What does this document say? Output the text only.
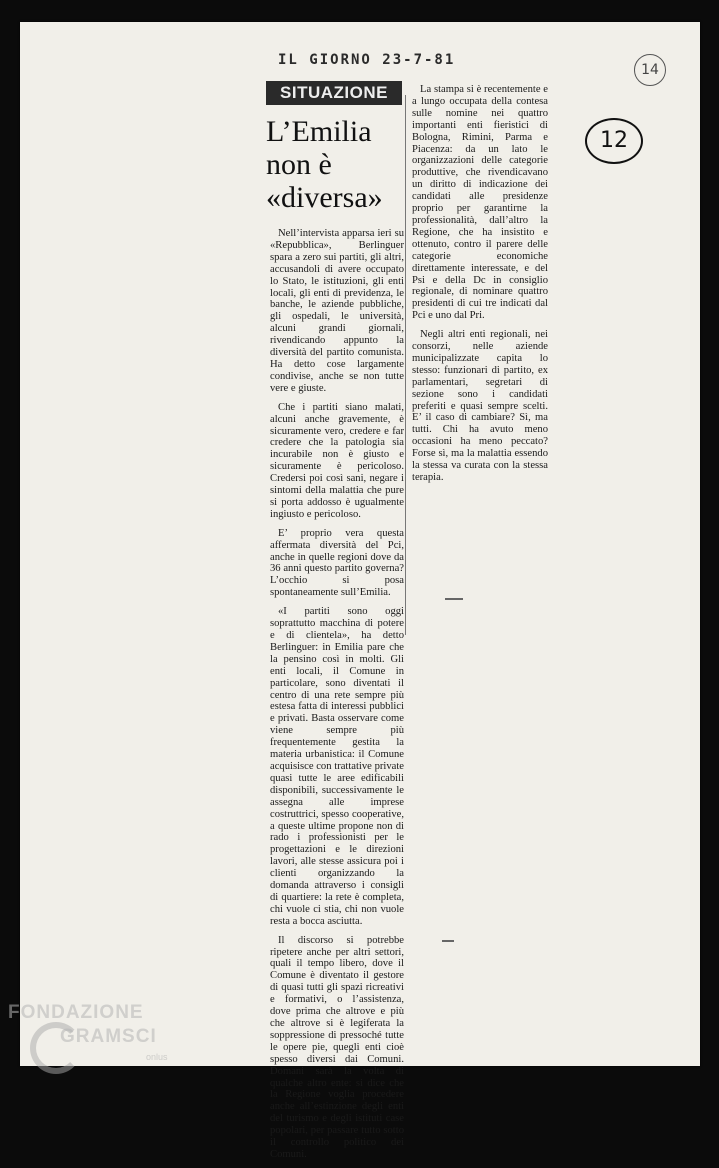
IL GIORNO 23-7-81
14
12
SITUAZIONE
L’Emilia non è «diversa»

Nell’intervista apparsa ieri su «Repubblica», Berlinguer spara a zero sui partiti, gli altri, accusandoli di avere occupato lo Stato, le istituzioni, gli enti locali, gli enti di previdenza, le banche, le aziende pubbliche, gli ospedali, le università, alcuni grandi giornali, rivendicando appunto la diversità del partito comunista. Ha detto cose largamente condivise, anche se non tutte vere e giuste.

Che i partiti siano malati, alcuni anche gravemente, è sicuramente vero, credere e far credere che la patologia sia incurabile non è giusto e sicuramente è pericoloso. Credersi poi così sani, negare i sintomi della malattia che pure si porta addosso è ugualmente ingiusto e pericoloso.

E’ proprio vera questa affermata diversità del Pci, anche in quelle regioni dove da 36 anni questo partito governa? L’occhio si posa spontaneamente sull’Emilia.

«I partiti sono oggi soprattutto macchina di potere e di clientela», ha detto Berlinguer: in Emilia pare che la pensino così in molti. Gli enti locali, il Comune in particolare, sono diventati il centro di una rete sempre più estesa fatta di interessi pubblici e privati. Basta osservare come viene sempre più frequentemente gestita la materia urbanistica: il Comune acquisisce con trattative private quasi tutte le aree edificabili disponibili, successivamente le assegna alle imprese costruttrici, spesso cooperative, a queste ultime propone non di rado i professionisti per le progettazioni e le direzioni lavori, alle stesse assicura poi i clienti organizzando la domanda attraverso i consigli di quartiere: la rete è completa, chi vuole ci stia, chi non vuole resta a bocca asciutta.

Il discorso si potrebbe ripetere anche per altri settori, quali il tempo libero, dove il Comune è diventato il gestore di quasi tutti gli spazi ricreativi e formativi, o l’assistenza, dove prima che altrove e più che altrove si è legiferata la soppressione di pressoché tutte le opere pie, quegli enti cioè spesso diversi dai Comuni. Domani sarà la volta di qualche altro ente: si dice che la Regione voglia procedere anche all’estinzione degli enti del turismo e degli istituti case popolari, per passare tutto sotto il controllo politico dei Comuni.

La stampa si è recentemente e a lungo occupata della contesa sulle nomine nei quattro importanti enti fieristici di Bologna, Rimini, Parma e Piacenza: da un lato le organizzazioni delle categorie produttive, che rivendicavano un diritto di indicazione dei candidati alle presidenze proprio per garantirne la professionalità, dall’altro la Regione, che ha insistito e ottenuto, contro il parere delle categorie economiche direttamente interessate, e del Psi e della Dc in consiglio regionale, di nominare quattro presidenti di cui tre indicati dal Pci e uno dal Pri.

Negli altri enti regionali, nei consorzi, nelle aziende municipalizzate capita lo stesso: funzionari di partito, ex parlamentari, segretari di sezione sono i candidati preferiti e quasi sempre scelti. E’ il caso di cambiare? Sì, ma tutti. Chi ha avuto meno occasioni ha meno peccato? Forse sì, ma la malattia essendo la stessa va curata con la stessa terapia.

FONDAZIONE
GRAMSCI
onlus
